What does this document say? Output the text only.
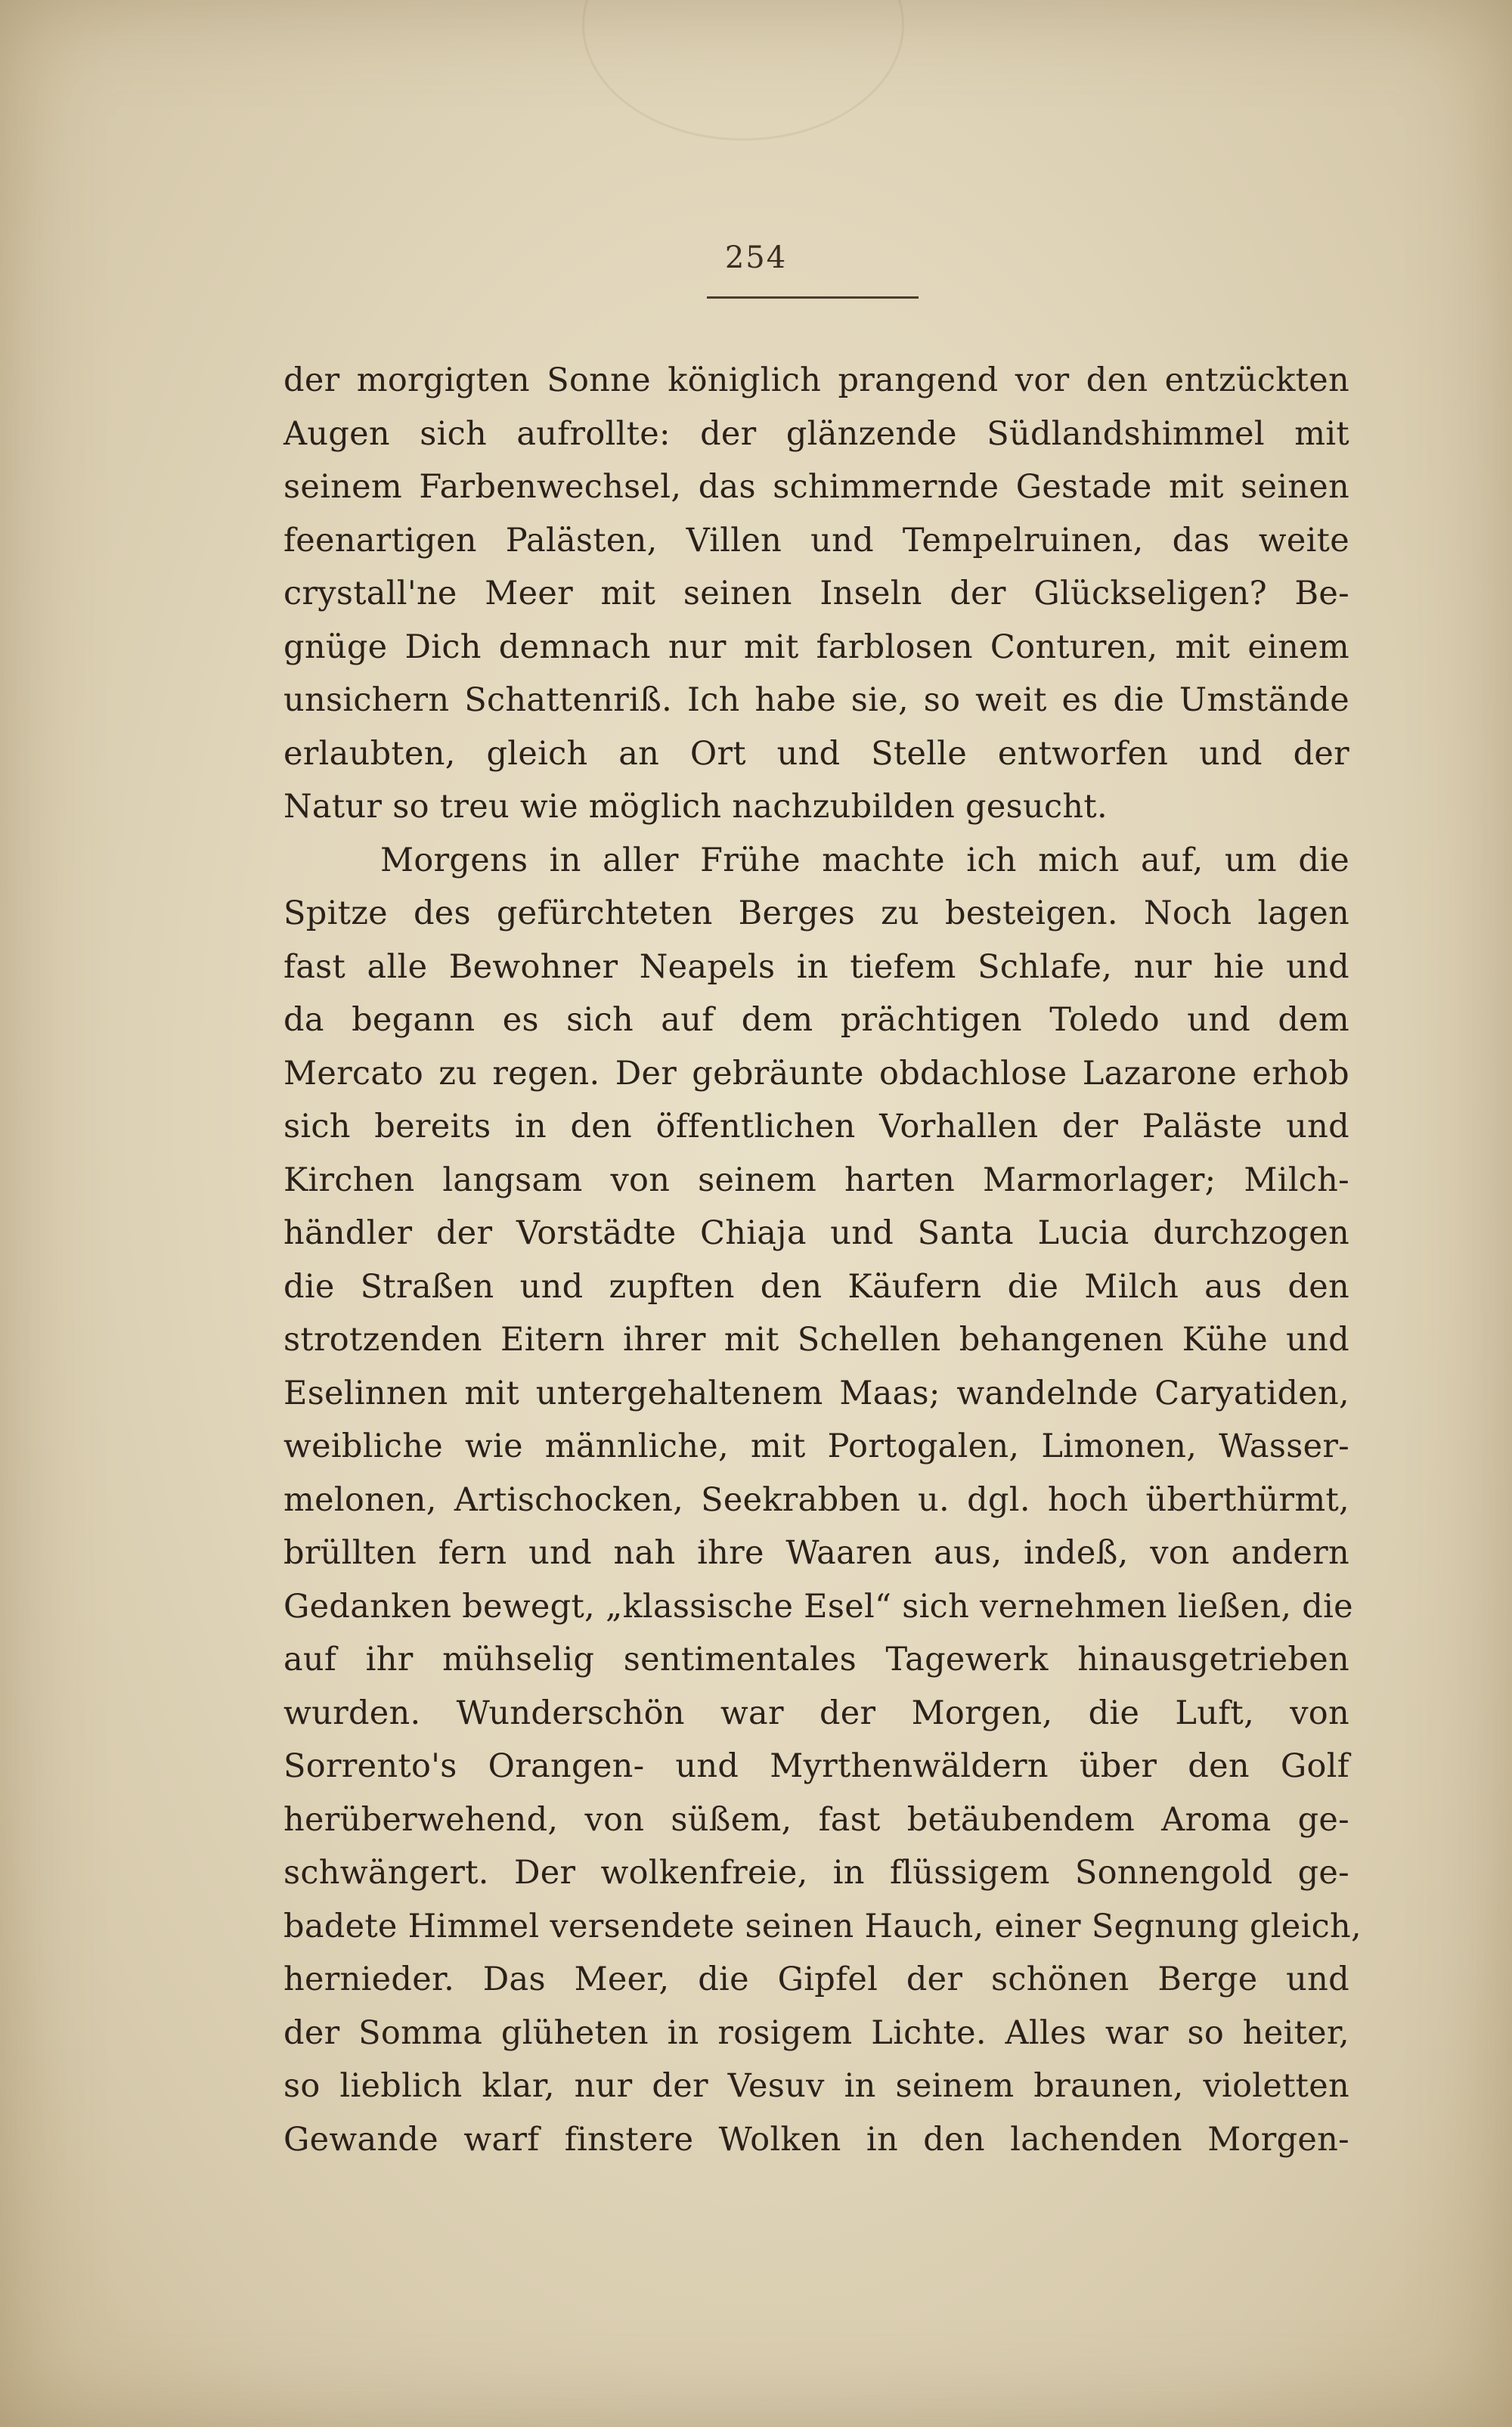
254
der morgigten Sonne königlich prangend vor den entzückten
Augen sich aufrollte: der glänzende Südlandshimmel mit
seinem Farbenwechsel, das schimmernde Gestade mit seinen
feenartigen Palästen, Villen und Tempelruinen, das weite
crystall'ne Meer mit seinen Inseln der Glückseligen? Be-
gnüge Dich demnach nur mit farblosen Conturen, mit einem
unsichern Schattenriß. Ich habe sie, so weit es die Umstände
erlaubten, gleich an Ort und Stelle entworfen und der
Natur so treu wie möglich nachzubilden gesucht.
Morgens in aller Frühe machte ich mich auf, um die
Spitze des gefürchteten Berges zu besteigen. Noch lagen
fast alle Bewohner Neapels in tiefem Schlafe, nur hie und
da begann es sich auf dem prächtigen Toledo und dem
Mercato zu regen. Der gebräunte obdachlose Lazarone erhob
sich bereits in den öffentlichen Vorhallen der Paläste und
Kirchen langsam von seinem harten Marmorlager; Milch-
händler der Vorstädte Chiaja und Santa Lucia durchzogen
die Straßen und zupften den Käufern die Milch aus den
strotzenden Eitern ihrer mit Schellen behangenen Kühe und
Eselinnen mit untergehaltenem Maas; wandelnde Caryatiden,
weibliche wie männliche, mit Portogalen, Limonen, Wasser-
melonen, Artischocken, Seekrabben u. dgl. hoch überthürmt,
brüllten fern und nah ihre Waaren aus, indeß, von andern
Gedanken bewegt, „klassische Esel“ sich vernehmen ließen, die
auf ihr mühselig sentimentales Tagewerk hinausgetrieben
wurden. Wunderschön war der Morgen, die Luft, von
Sorrento's Orangen- und Myrthenwäldern über den Golf
herüberwehend, von süßem, fast betäubendem Aroma ge-
schwängert. Der wolkenfreie, in flüssigem Sonnengold ge-
badete Himmel versendete seinen Hauch, einer Segnung gleich,
hernieder. Das Meer, die Gipfel der schönen Berge und
der Somma glüheten in rosigem Lichte. Alles war so heiter,
so lieblich klar, nur der Vesuv in seinem braunen, violetten
Gewande warf finstere Wolken in den lachenden Morgen-
